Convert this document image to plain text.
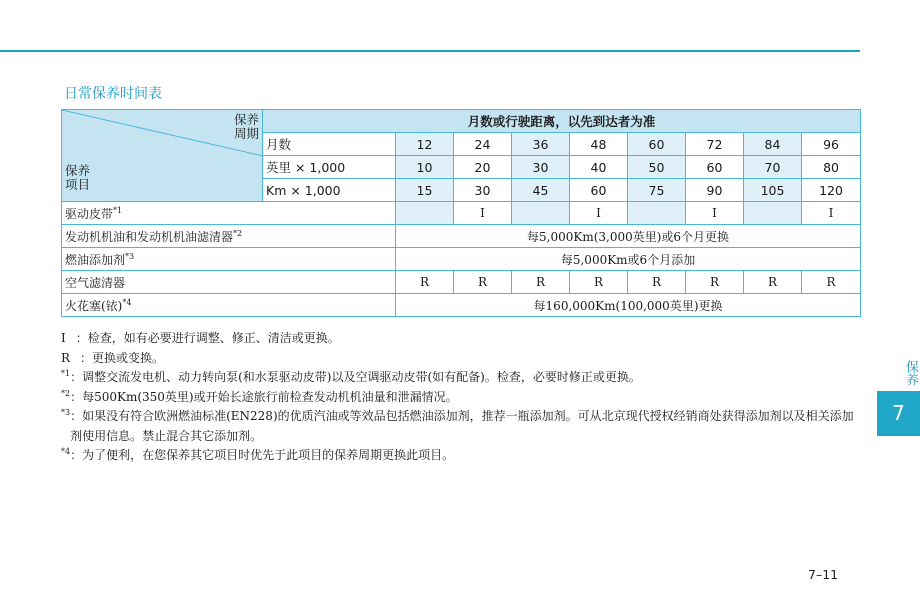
日常保养时间表
保养
周期
保养
项目	月数或行驶距离，以先到达者为准								
	月数	12	24	36	48	60	72	84	96
	英里 × 1,000	10	20	30	40	50	60	70	80
	Km × 1,000	15	30	45	60	75	90	105	120
驱动皮带$^{*1}$			I		I		I		I
发动机机油和发动机机油滤清器$^{*2}$		每5,000Km(3,000英里)或6个月更换							
燃油添加剂$^{*3}$		每5,000Km或6个月添加							
空气滤清器		R	R	R	R	R	R	R	R
火花塞(铱)$^{*4}$		每160,000Km(100,000英里)更换							
I ：检查，如有必要进行调整、修正、清洁或更换。
R ：更换或变换。
$^{*1}$ ：调整交流发电机、动力转向泵(和水泵驱动皮带)以及空调驱动皮带(如有配备)。检查，必要时修正或更换。
$^{*2}$ ：每500Km(350英里)或开始长途旅行前检查发动机机油量和泄漏情况。
$^{*3}$ ：如果没有符合欧洲燃油标准(EN228)的优质汽油或等效品包括燃油添加剂，推荐一瓶添加剂。可从北京现代授权经销商处获得添加剂以及相关添加剂使用信息。禁止混合其它添加剂。
$^{*4}$ ：为了便利，在您保养其它项目时优先于此项目的保养周期更换此项目。
保养
7
7–11
